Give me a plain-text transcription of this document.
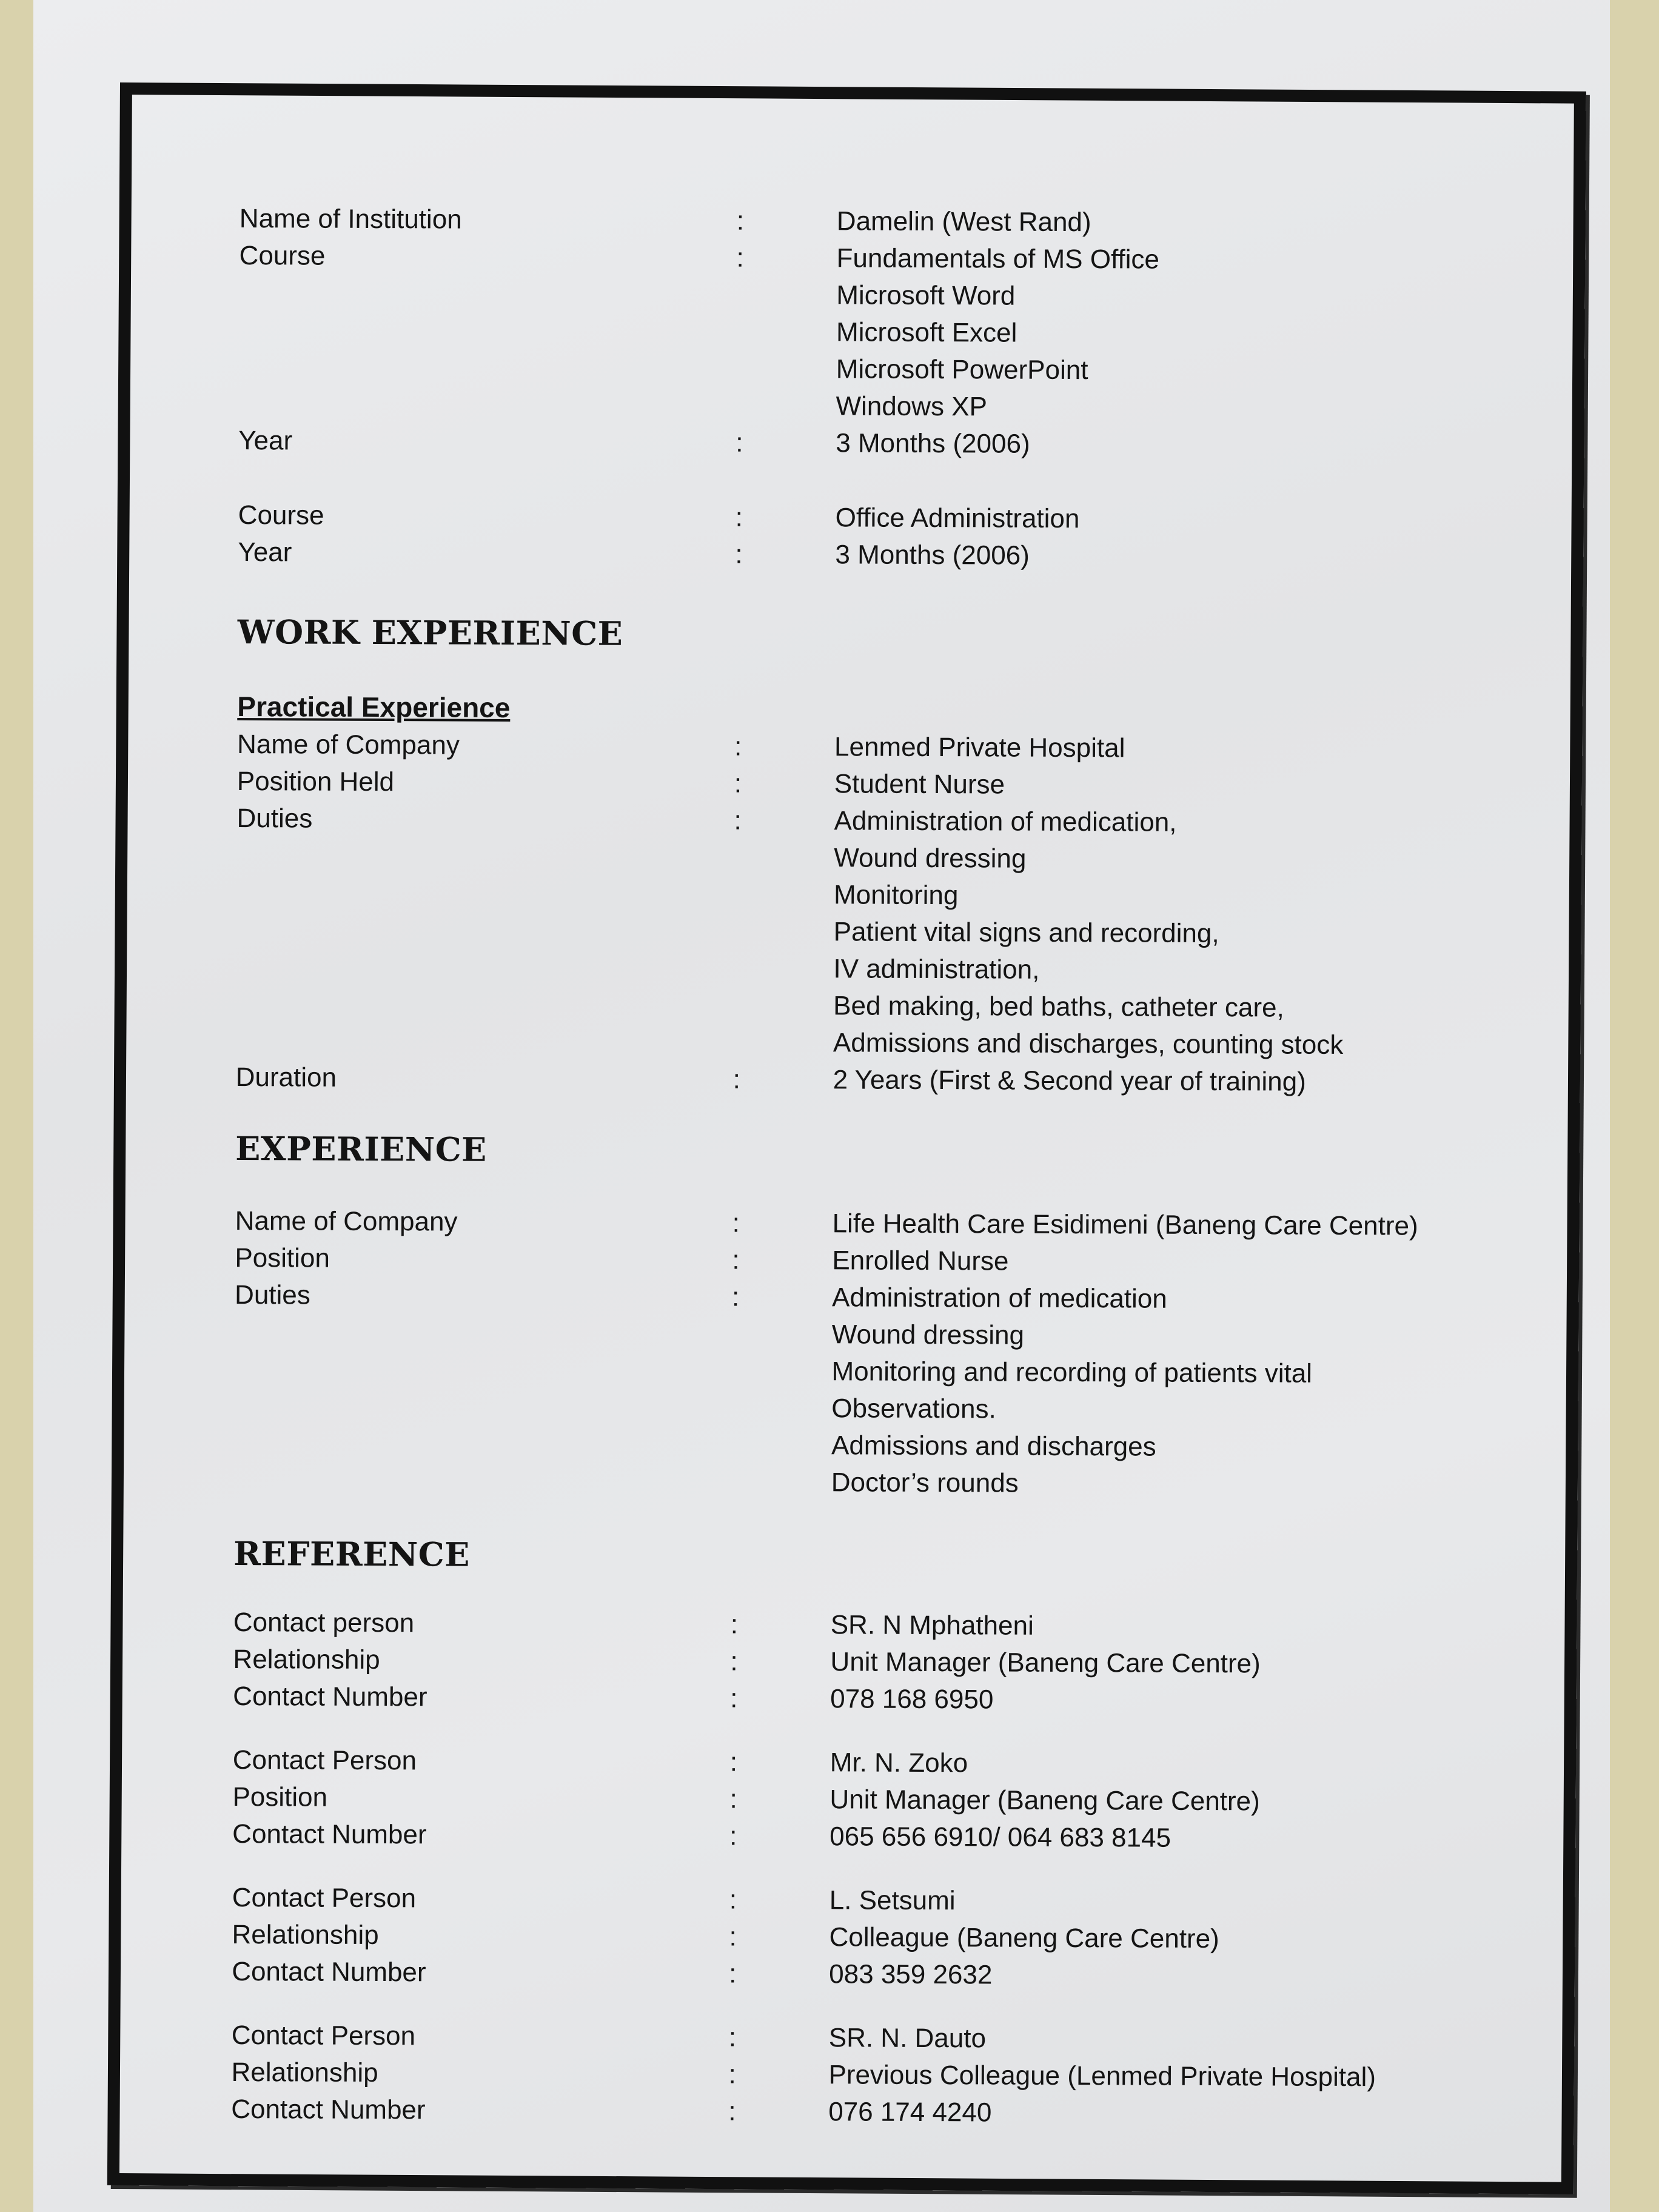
Name of Institution	:	Damelin (West Rand)
Course	:	Fundamentals of MS Office
Microsoft Word
Microsoft Excel
Microsoft PowerPoint
Windows XP
Year	:	3 Months (2006)
Course	:	Office Administration
Year	:	3 Months (2006)
WORK EXPERIENCE
Practical Experience
Name of Company	:	Lenmed Private Hospital
Position Held	:	Student Nurse
Duties	:	Administration of medication,
Wound dressing
Monitoring
Patient vital signs and recording,
IV administration,
Bed making, bed baths, catheter care,
Admissions and discharges, counting stock
Duration	:	2 Years (First & Second year of training)
EXPERIENCE
Name of Company	:	Life Health Care Esidimeni (Baneng Care Centre)
Position	:	Enrolled Nurse
Duties	:	Administration of medication
Wound dressing
Monitoring and recording of patients vital
Observations.
Admissions and discharges
Doctor’s rounds
REFERENCE
Contact person	:	SR. N Mphatheni
Relationship	:	Unit Manager (Baneng Care Centre)
Contact Number	:	078 168 6950
Contact Person	:	Mr. N. Zoko
Position	:	Unit Manager (Baneng Care Centre)
Contact Number	:	065 656 6910/ 064 683 8145
Contact Person	:	L. Setsumi
Relationship	:	Colleague (Baneng Care Centre)
Contact Number	:	083 359 2632
Contact Person	:	SR. N. Dauto
Relationship	:	Previous Colleague (Lenmed Private Hospital)
Contact Number	:	076 174 4240
